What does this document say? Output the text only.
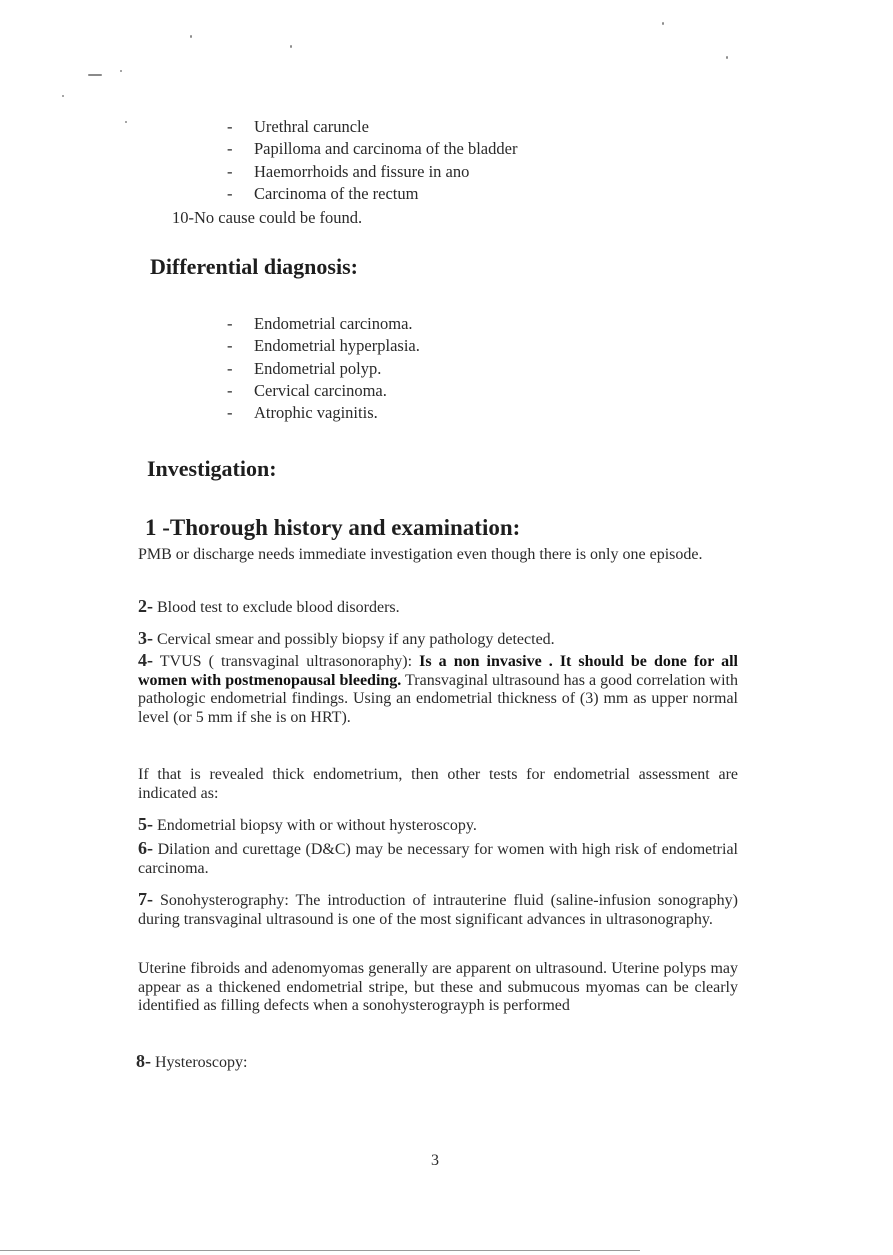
- Urethral caruncle
- Papilloma and carcinoma of the bladder
- Haemorrhoids and fissure in ano
- Carcinoma of the rectum
10-No cause could be found.
Differential diagnosis:
- Endometrial carcinoma.
- Endometrial hyperplasia.
- Endometrial polyp.
- Cervical carcinoma.
- Atrophic vaginitis.
Investigation:
1 -Thorough history and examination:
PMB or discharge needs immediate investigation even though there is only one episode.
2- Blood test to exclude blood disorders.
3- Cervical smear and possibly biopsy if any pathology detected.
4- TVUS ( transvaginal ultrasonoraphy): Is a non invasive . It should be done for all women with postmenopausal bleeding. Transvaginal ultrasound has a good correlation with pathologic endometrial findings. Using an endometrial thickness of (3) mm as upper normal level (or 5 mm if she is on HRT).
If that is revealed thick endometrium, then other tests for endometrial assessment are indicated as:
5- Endometrial biopsy with or without hysteroscopy.
6- Dilation and curettage (D&C) may be necessary for women with high risk of endometrial carcinoma.
7- Sonohysterography: The introduction of intrauterine fluid (saline-infusion sonography) during transvaginal ultrasound is one of the most significant advances in ultrasonography.
Uterine fibroids and adenomyomas generally are apparent on ultrasound. Uterine polyps may appear as a thickened endometrial stripe, but these and submucous myomas can be clearly identified as filling defects when a sonohysterograyph is performed
8- Hysteroscopy:
3
